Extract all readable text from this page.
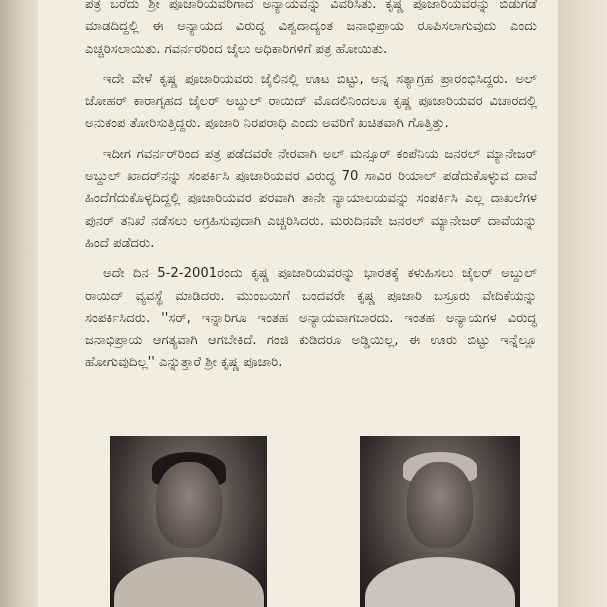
ಪತ್ರ ಬರೆದು ಶ್ರೀ ಪೂಜಾರಿಯವರಿಗಾದ ಅನ್ಯಾಯವನ್ನು ವಿವರಿಸಿತು. ಕೃಷ್ಣ ಪೂಜಾರಿಯವರನ್ನು ಬಿಡುಗಡೆ ಮಾಡದಿದ್ದಲ್ಲಿ ಈ ಅನ್ಯಾಯದ ವಿರುದ್ಧ ವಿಶ್ವದಾದ್ಯಂತ ಜನಾಭಿಪ್ರಾಯ ರೂಪಿಸಲಾಗುವುದು ಎಂದು ಎಚ್ಚರಿಸಲಾಯಿತು. ಗವರ್ನರರಿಂದ ಜೈಲು ಅಧಿಕಾರಿಗಳಿಗೆ ಪತ್ರ ಹೋಯಿತು.

ಇದೇ ವೇಳೆ ಕೃಷ್ಣ ಪೂಜಾರಿಯವರು ಜೈಲಿನಲ್ಲಿ ಊಟ ಬಿಟ್ಟು, ಅನ್ನ ಸತ್ಯಾಗ್ರಹ ಪ್ರಾರಂಭಿಸಿದ್ದರು. ಅಲ್ ಜೋಹರ್ ಕಾರಾಗೃಹದ ಜೈಲರ್ ಅಬ್ದುಲ್ ರಾಯಿದ್ ಮೊದಲಿನಿಂದಲೂ ಕೃಷ್ಣ ಪೂಜಾರಿಯವರ ವಿಚಾರದಲ್ಲಿ ಅನುಕಂಪ ತೋರಿಸುತ್ತಿದ್ದರು. ಪೂಜಾರಿ ನಿರಪರಾಧಿ ಎಂದು ಅವರಿಗೆ ಖಚಿತವಾಗಿ ಗೊತ್ತಿತ್ತು.

ಇದೀಗ ಗವರ್ನರ್‌ರಿಂದ ಪತ್ರ ಪಡೆದವರೇ ನೇರವಾಗಿ ಅಲ್ ಮನ್ಸೂರ್ ಕಂಪೆನಿಯ ಜನರಲ್ ಮ್ಯಾನೇಜರ್ ಅಬ್ದುಲ್ ಖಾದರ್‌ನನ್ನು ಸಂಪರ್ಕಿಸಿ ಪೂಜಾರಿಯವರ ವಿರುದ್ಧ 70 ಸಾವಿರ ರಿಯಾಲ್ ಪಡೆದುಕೊಳ್ಳುವ ದಾವೆ ಹಿಂದೆಗೆದುಕೊಳ್ಳದಿದ್ದಲ್ಲಿ ಪೂಜಾರಿಯವರ ಪರವಾಗಿ ತಾನೇ ನ್ಯಾಯಾಲಯವನ್ನು ಸಂಪರ್ಕಿಸಿ ಎಲ್ಲ ದಾಖಲೆಗಳ ಪುನರ್ ತನಿಖೆ ನಡೆಸಲು ಅಗ್ರಹಿಸುವುದಾಗಿ ಎಚ್ಚರಿಸಿದರು. ಮರುದಿನವೇ ಜನರಲ್ ಮ್ಯಾನೇಜರ್ ದಾವೆಯನ್ನು ಹಿಂದೆ ಪಡೆದರು.

ಅದೇ ದಿನ 5-2-2001ರಂದು ಕೃಷ್ಣ ಪೂಜಾರಿಯವರನ್ನು ಭಾರತಕ್ಕೆ ಕಳುಹಿಸಲು ಜೈಲರ್ ಅಬ್ದುಲ್ ರಾಯಿದ್ ವ್ಯವಸ್ಥೆ ಮಾಡಿದರು. ಮುಂಬಯಿಗೆ ಬಂದವರೇ ಕೃಷ್ಣ ಪೂಜಾರಿ ಬಸ್ರೂರು ವೇದಿಕೆಯನ್ನು ಸಂಪರ್ಕಿಸಿದರು. ''ಸರ್, ಇನ್ನಾರಿಗೂ ಇಂತಹ ಅನ್ಯಾಯವಾಗಬಾರದು. ಇಂತಹ ಅನ್ಯಾಯಗಳ ವಿರುದ್ಧ ಜನಾಭಿಪ್ರಾಯ ಆಗತ್ಯವಾಗಿ ಆಗಬೇಕಿದೆ. ಗಂಜಿ ಕುಡಿದರೂ ಅಡ್ಡಿಯಿಲ್ಲ, ಈ ಊರು ಬಿಟ್ಟು ಇನ್ನೆಲ್ಲೂ ಹೋಗುವುದಿಲ್ಲ'' ಎನ್ನುತ್ತಾರೆ ಶ್ರೀ ಕೃಷ್ಣ ಪೂಜಾರಿ.
